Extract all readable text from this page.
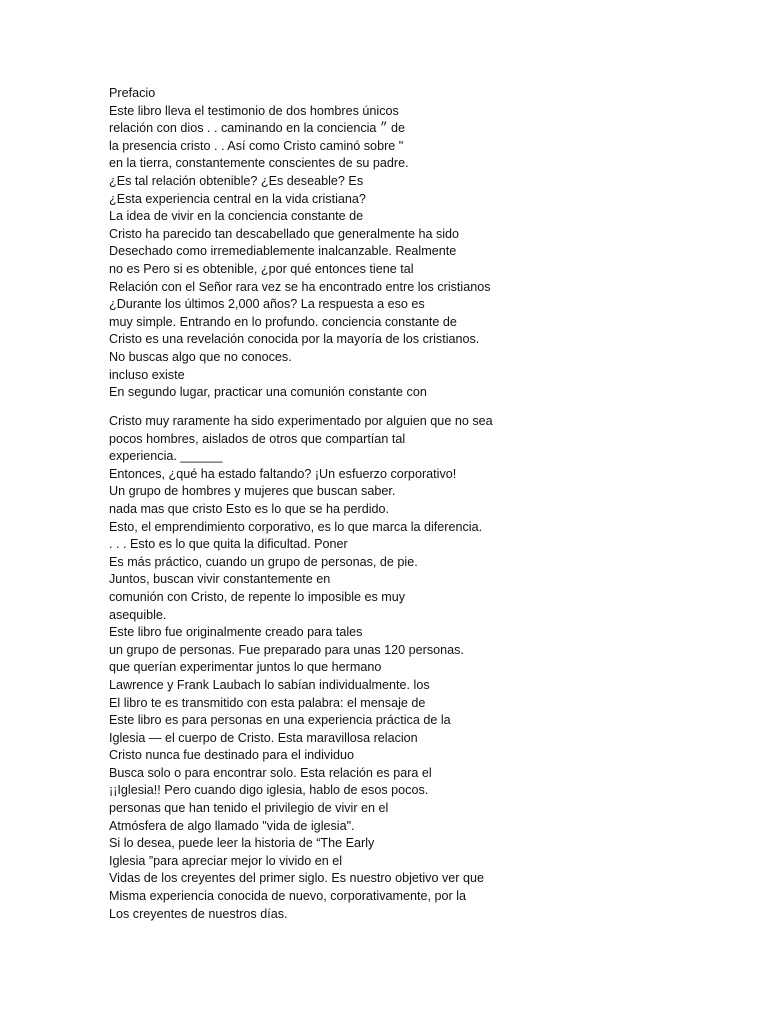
Prefacio
Este libro lleva el testimonio de dos hombres únicos
relación con dios . . caminando en la conciencia ״ de
la presencia cristo . . Así como Cristo caminó sobre "
en la tierra, constantemente conscientes de su padre.
¿Es tal relación obtenible? ¿Es deseable? Es
¿Esta experiencia central en la vida cristiana?
La idea de vivir en la conciencia constante de
Cristo ha parecido tan descabellado que generalmente ha sido
Desechado como irremediablemente inalcanzable. Realmente
no es Pero si es obtenible, ¿por qué entonces tiene tal
Relación con el Señor rara vez se ha encontrado entre los cristianos
¿Durante los últimos 2,000 años? La respuesta a eso es
muy simple. Entrando en lo profundo. conciencia constante de
Cristo es una revelación conocida por la mayoría de los cristianos.
No buscas algo que no conoces.
incluso existe
En segundo lugar, practicar una comunión constante con
Cristo muy raramente ha sido experimentado por alguien que no sea
pocos hombres, aislados de otros que compartían tal
experiencia. ______
Entonces, ¿qué ha estado faltando? ¡Un esfuerzo corporativo!
Un grupo de hombres y mujeres que buscan saber.
nada mas que cristo Esto es lo que se ha perdido.
Esto, el emprendimiento corporativo, es lo que marca la diferencia.
. . . Esto es lo que quita la dificultad. Poner
Es más práctico, cuando un grupo de personas, de pie.
Juntos, buscan vivir constantemente en
comunión con Cristo, de repente lo imposible es muy
asequible.
Este libro fue originalmente creado para tales
un grupo de personas. Fue preparado para unas 120 personas.
que querían experimentar juntos lo que hermano
Lawrence y Frank Laubach lo sabían individualmente. los
El libro te es transmitido con esta palabra: el mensaje de
Este libro es para personas en una experiencia práctica de la
Iglesia — el cuerpo de Cristo. Esta maravillosa relacion
Cristo nunca fue destinado para el individuo
Busca solo o para encontrar solo. Esta relación es para el
¡¡Iglesia!! Pero cuando digo iglesia, hablo de esos pocos.
personas que han tenido el privilegio de vivir en el
Atmósfera de algo llamado "vida de iglesia".
Si lo desea, puede leer la historia de “The Early
Iglesia ”para apreciar mejor lo vivido en el
Vidas de los creyentes del primer siglo. Es nuestro objetivo ver que
Misma experiencia conocida de nuevo, corporativamente, por la
Los creyentes de nuestros días.
